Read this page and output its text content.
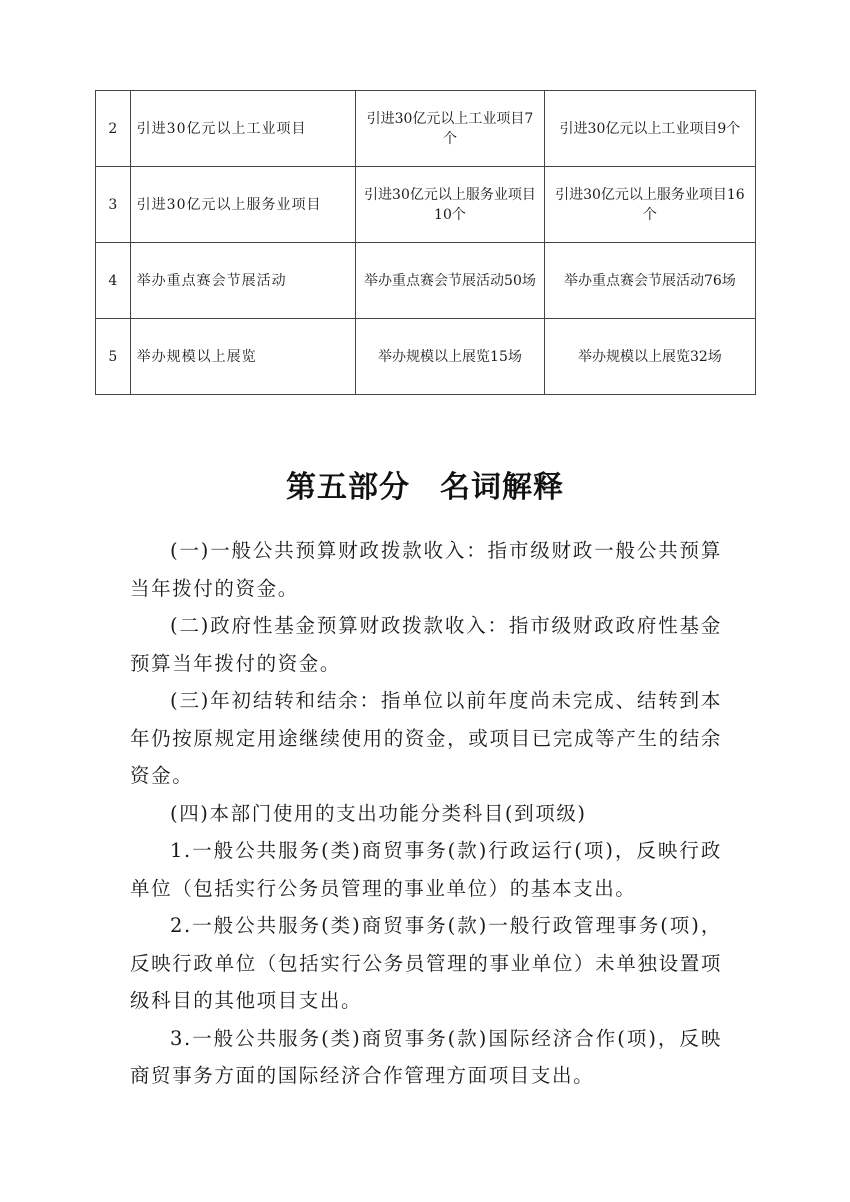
2	引进30亿元以上工业项目	引进30亿元以上工业项目7个	引进30亿元以上工业项目9个
3	引进30亿元以上服务业项目	引进30亿元以上服务业项目10个	引进30亿元以上服务业项目16个
4	举办重点赛会节展活动	举办重点赛会节展活动50场	举办重点赛会节展活动76场
5	举办规模以上展览	举办规模以上展览15场	举办规模以上展览32场
第五部分 名词解释

(一)一般公共预算财政拨款收入：指市级财政一般公共预算当年拨付的资金。

(二)政府性基金预算财政拨款收入：指市级财政政府性基金预算当年拨付的资金。

(三)年初结转和结余：指单位以前年度尚未完成、结转到本年仍按原规定用途继续使用的资金，或项目已完成等产生的结余资金。

(四)本部门使用的支出功能分类科目(到项级)

1.一般公共服务(类)商贸事务(款)行政运行(项)，反映行政单位（包括实行公务员管理的事业单位）的基本支出。

2.一般公共服务(类)商贸事务(款)一般行政管理事务(项)，反映行政单位（包括实行公务员管理的事业单位）未单独设置项级科目的其他项目支出。

3.一般公共服务(类)商贸事务(款)国际经济合作(项)，反映商贸事务方面的国际经济合作管理方面项目支出。
